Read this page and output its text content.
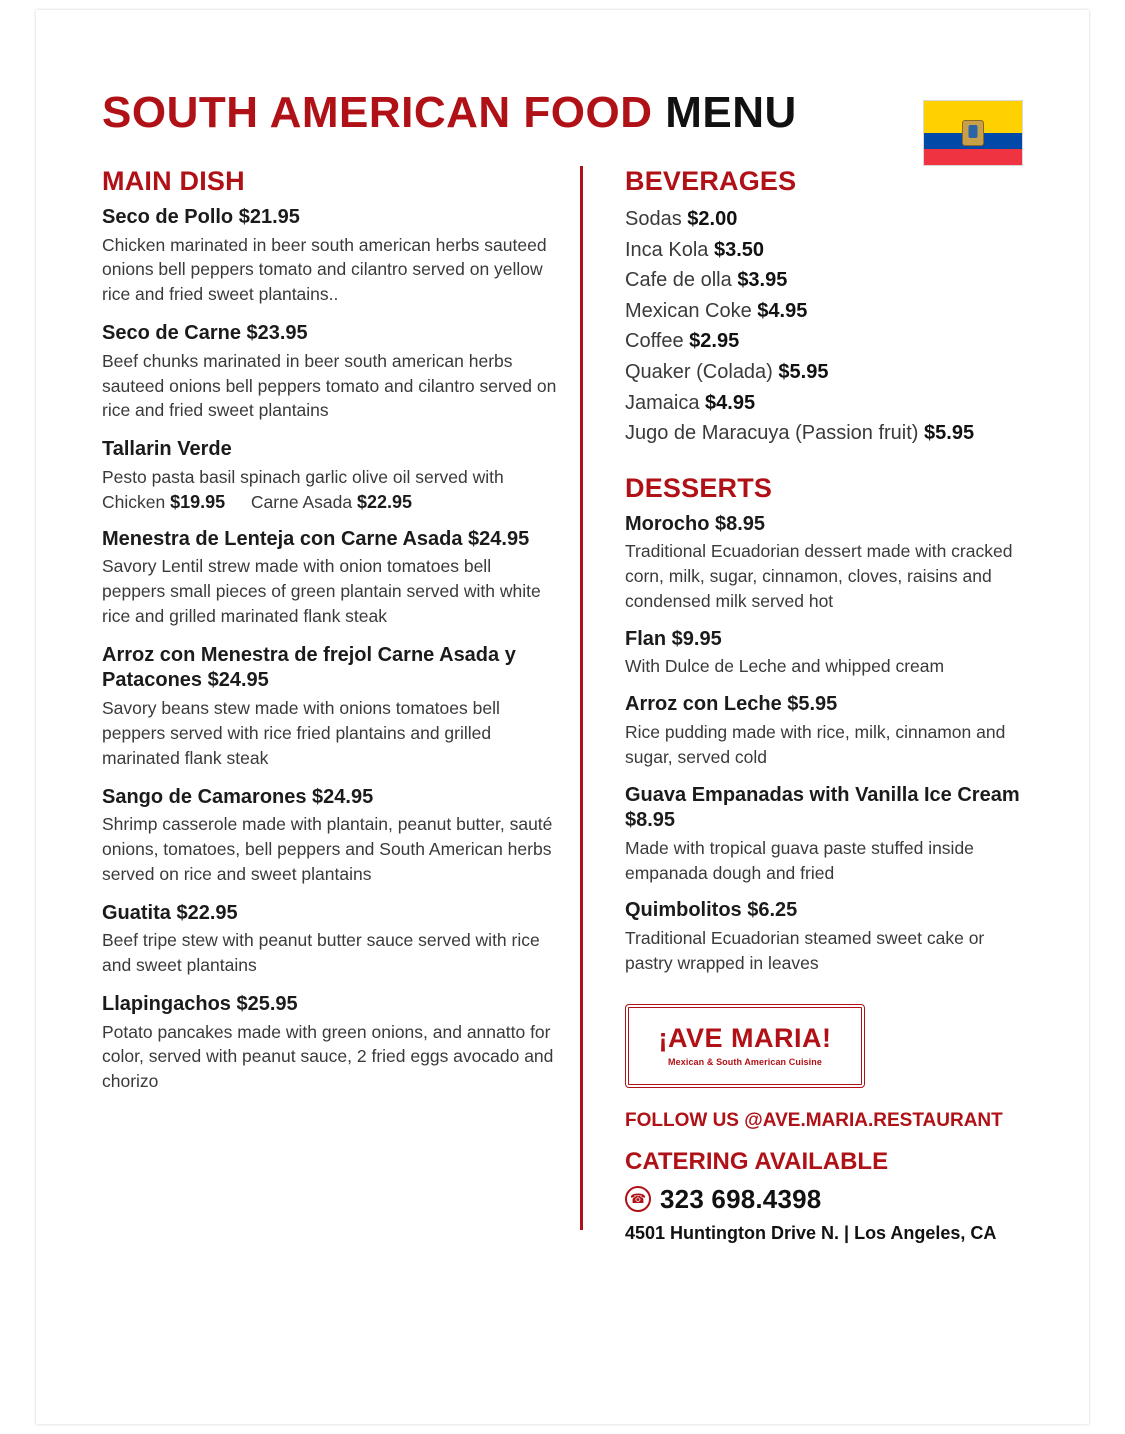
SOUTH AMERICAN FOOD MENU
MAIN DISH
Seco de Pollo $21.95
Chicken marinated in beer south american herbs sauteed onions bell peppers tomato and cilantro served on yellow rice and fried sweet plantains..
Seco de Carne $23.95
Beef chunks marinated in beer south american herbs sauteed onions bell peppers tomato and cilantro served on rice and fried sweet plantains
Tallarin Verde
Pesto pasta basil spinach garlic olive oil served with
Chicken $19.95 Carne Asada $22.95
Menestra de Lenteja con Carne Asada $24.95
Savory Lentil strew made with onion tomatoes bell peppers small pieces of green plantain served with white rice and grilled marinated flank steak
Arroz con Menestra de frejol Carne Asada y Patacones $24.95
Savory beans stew made with onions tomatoes bell peppers served with rice fried plantains and grilled marinated flank steak
Sango de Camarones $24.95
Shrimp casserole made with plantain, peanut butter, sauté onions, tomatoes, bell peppers and South American herbs served on rice and sweet plantains
Guatita $22.95
Beef tripe stew with peanut butter sauce served with rice and sweet plantains
Llapingachos $25.95
Potato pancakes made with green onions, and annatto for color, served with peanut sauce, 2 fried eggs avocado and chorizo
BEVERAGES
Sodas $2.00
Inca Kola $3.50
Cafe de olla $3.95
Mexican Coke $4.95
Coffee $2.95
Quaker (Colada) $5.95
Jamaica $4.95
Jugo de Maracuya (Passion fruit) $5.95
DESSERTS
Morocho $8.95
Traditional Ecuadorian dessert made with cracked corn, milk, sugar, cinnamon, cloves, raisins and condensed milk served hot
Flan $9.95
With Dulce de Leche and whipped cream
Arroz con Leche $5.95
Rice pudding made with rice, milk, cinnamon and sugar, served cold
Guava Empanadas with Vanilla Ice Cream $8.95
Made with tropical guava paste stuffed inside empanada dough and fried
Quimbolitos $6.25
Traditional Ecuadorian steamed sweet cake or pastry wrapped in leaves
¡AVE MARIA!
Mexican & South American Cuisine
FOLLOW US @AVE.MARIA.RESTAURANT
CATERING AVAILABLE
☎
323 698.4398
4501 Huntington Drive N. | Los Angeles, CA
